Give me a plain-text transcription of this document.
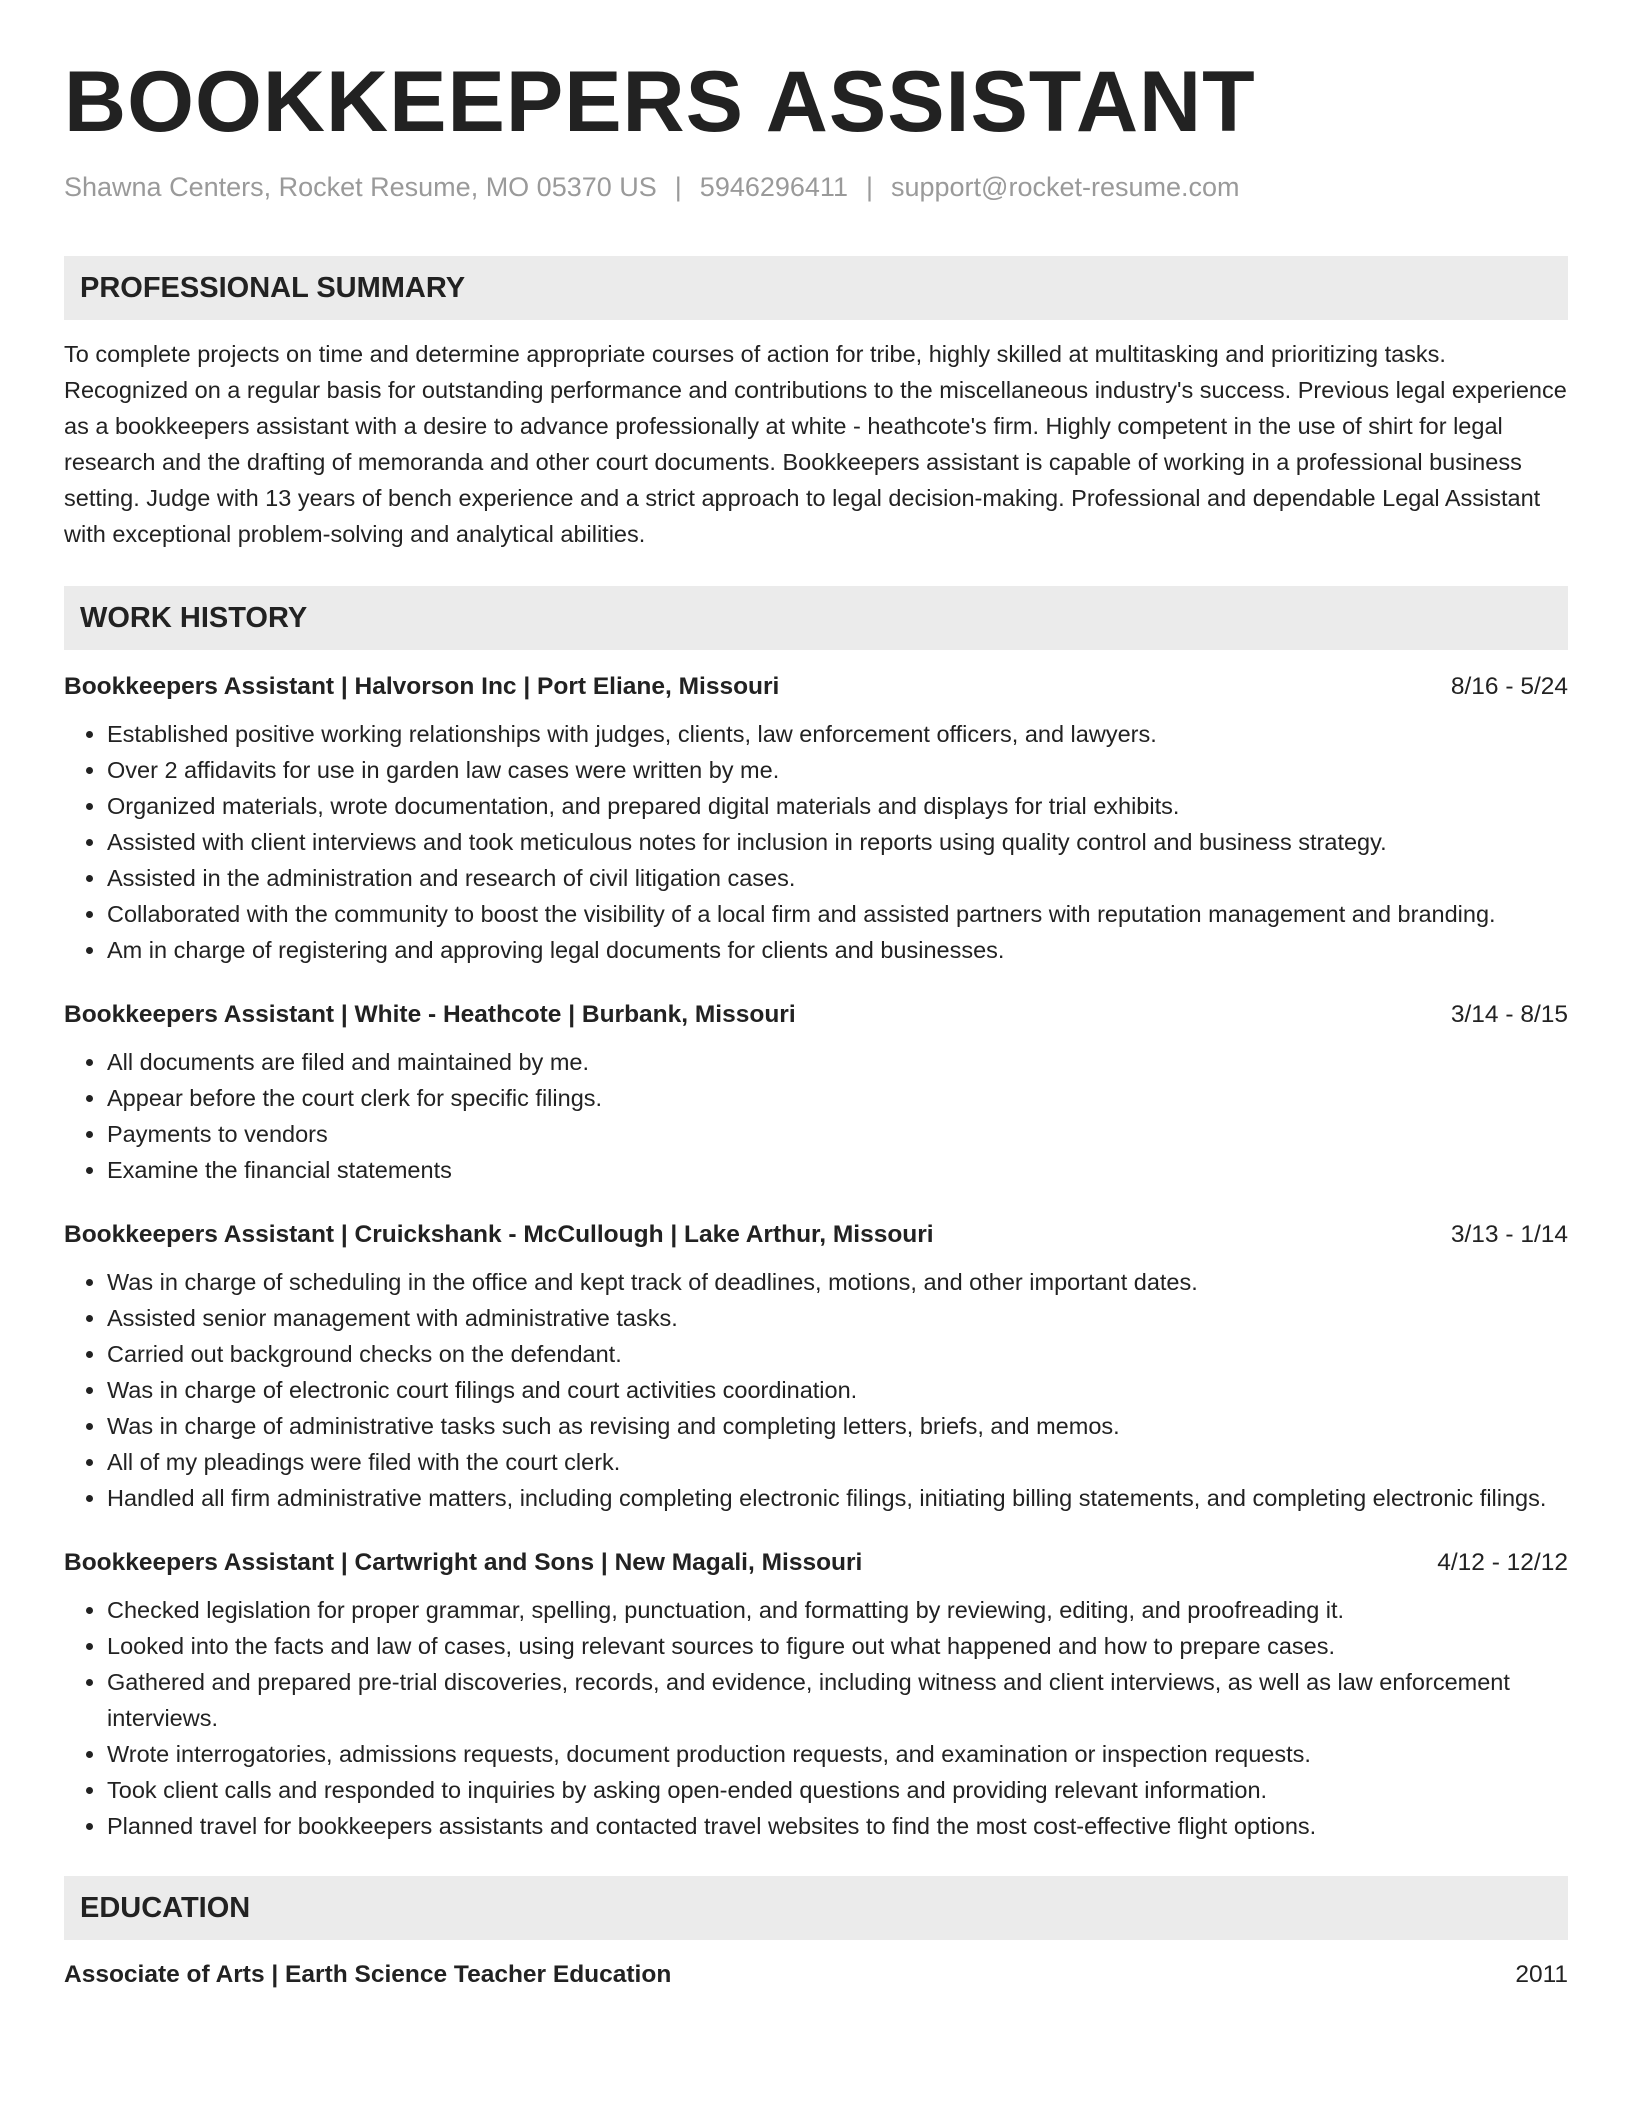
BOOKKEEPERS ASSISTANT
Shawna Centers, Rocket Resume, MO 05370 US | 5946296411 | support@rocket-resume.com
PROFESSIONAL SUMMARY
To complete projects on time and determine appropriate courses of action for tribe, highly skilled at multitasking and prioritizing tasks. Recognized on a regular basis for outstanding performance and contributions to the miscellaneous industry's success. Previous legal experience as a bookkeepers assistant with a desire to advance professionally at white - heathcote's firm. Highly competent in the use of shirt for legal research and the drafting of memoranda and other court documents. Bookkeepers assistant is capable of working in a professional business setting. Judge with 13 years of bench experience and a strict approach to legal decision-making. Professional and dependable Legal Assistant with exceptional problem-solving and analytical abilities.
WORK HISTORY
Bookkeepers Assistant | Halvorson Inc | Port Eliane, Missouri	8/16 - 5/24
• Established positive working relationships with judges, clients, law enforcement officers, and lawyers.
• Over 2 affidavits for use in garden law cases were written by me.
• Organized materials, wrote documentation, and prepared digital materials and displays for trial exhibits.
• Assisted with client interviews and took meticulous notes for inclusion in reports using quality control and business strategy.
• Assisted in the administration and research of civil litigation cases.
• Collaborated with the community to boost the visibility of a local firm and assisted partners with reputation management and branding.
• Am in charge of registering and approving legal documents for clients and businesses.
Bookkeepers Assistant | White - Heathcote | Burbank, Missouri	3/14 - 8/15
• All documents are filed and maintained by me.
• Appear before the court clerk for specific filings.
• Payments to vendors
• Examine the financial statements
Bookkeepers Assistant | Cruickshank - McCullough | Lake Arthur, Missouri	3/13 - 1/14
• Was in charge of scheduling in the office and kept track of deadlines, motions, and other important dates.
• Assisted senior management with administrative tasks.
• Carried out background checks on the defendant.
• Was in charge of electronic court filings and court activities coordination.
• Was in charge of administrative tasks such as revising and completing letters, briefs, and memos.
• All of my pleadings were filed with the court clerk.
• Handled all firm administrative matters, including completing electronic filings, initiating billing statements, and completing electronic filings.
Bookkeepers Assistant | Cartwright and Sons | New Magali, Missouri	4/12 - 12/12
• Checked legislation for proper grammar, spelling, punctuation, and formatting by reviewing, editing, and proofreading it.
• Looked into the facts and law of cases, using relevant sources to figure out what happened and how to prepare cases.
• Gathered and prepared pre-trial discoveries, records, and evidence, including witness and client interviews, as well as law enforcement interviews.
• Wrote interrogatories, admissions requests, document production requests, and examination or inspection requests.
• Took client calls and responded to inquiries by asking open-ended questions and providing relevant information.
• Planned travel for bookkeepers assistants and contacted travel websites to find the most cost-effective flight options.
EDUCATION
Associate of Arts | Earth Science Teacher Education	2011
